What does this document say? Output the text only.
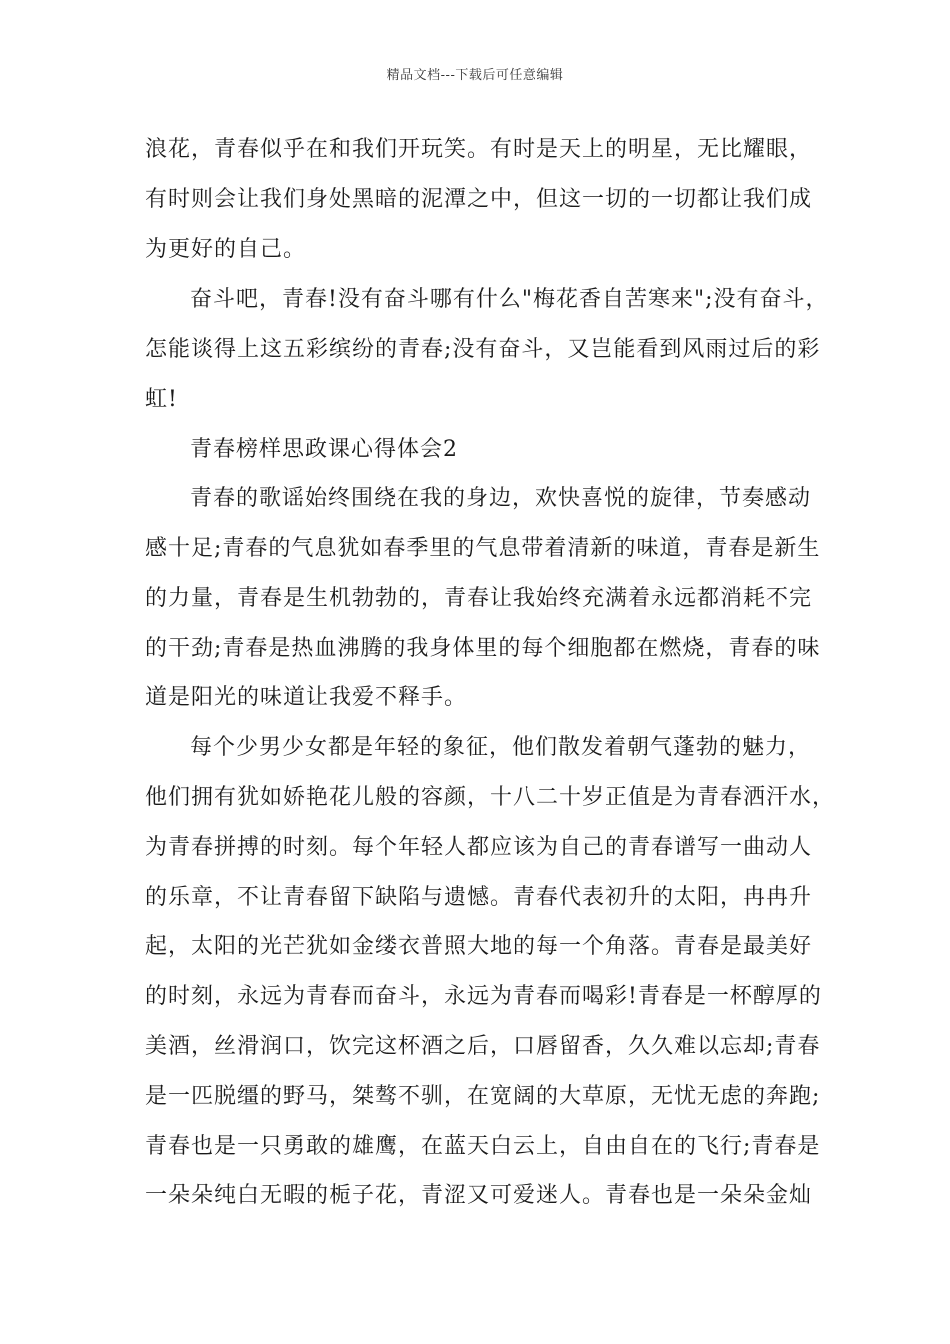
精品文档---下载后可任意编辑
浪花，青春似乎在和我们开玩笑。有时是天上的明星，无比耀眼，
有时则会让我们身处黑暗的泥潭之中，但这一切的一切都让我们成
为更好的自己。
奋斗吧，青春!没有奋斗哪有什么"梅花香自苦寒来";没有奋斗，
怎能谈得上这五彩缤纷的青春;没有奋斗，又岂能看到风雨过后的彩
虹!
青春榜样思政课心得体会2
青春的歌谣始终围绕在我的身边，欢快喜悦的旋律，节奏感动
感十足;青春的气息犹如春季里的气息带着清新的味道，青春是新生
的力量，青春是生机勃勃的，青春让我始终充满着永远都消耗不完
的干劲;青春是热血沸腾的我身体里的每个细胞都在燃烧，青春的味
道是阳光的味道让我爱不释手。
每个少男少女都是年轻的象征，他们散发着朝气蓬勃的魅力，
他们拥有犹如娇艳花儿般的容颜，十八二十岁正值是为青春洒汗水，
为青春拼搏的时刻。每个年轻人都应该为自己的青春谱写一曲动人
的乐章，不让青春留下缺陷与遗憾。青春代表初升的太阳，冉冉升
起，太阳的光芒犹如金缕衣普照大地的每一个角落。青春是最美好
的时刻，永远为青春而奋斗，永远为青春而喝彩!青春是一杯醇厚的
美酒，丝滑润口，饮完这杯酒之后，口唇留香，久久难以忘却;青春
是一匹脱缰的野马，桀骜不驯，在宽阔的大草原，无忧无虑的奔跑;
青春也是一只勇敢的雄鹰，在蓝天白云上，自由自在的飞行;青春是
一朵朵纯白无暇的栀子花，青涩又可爱迷人。青春也是一朵朵金灿
